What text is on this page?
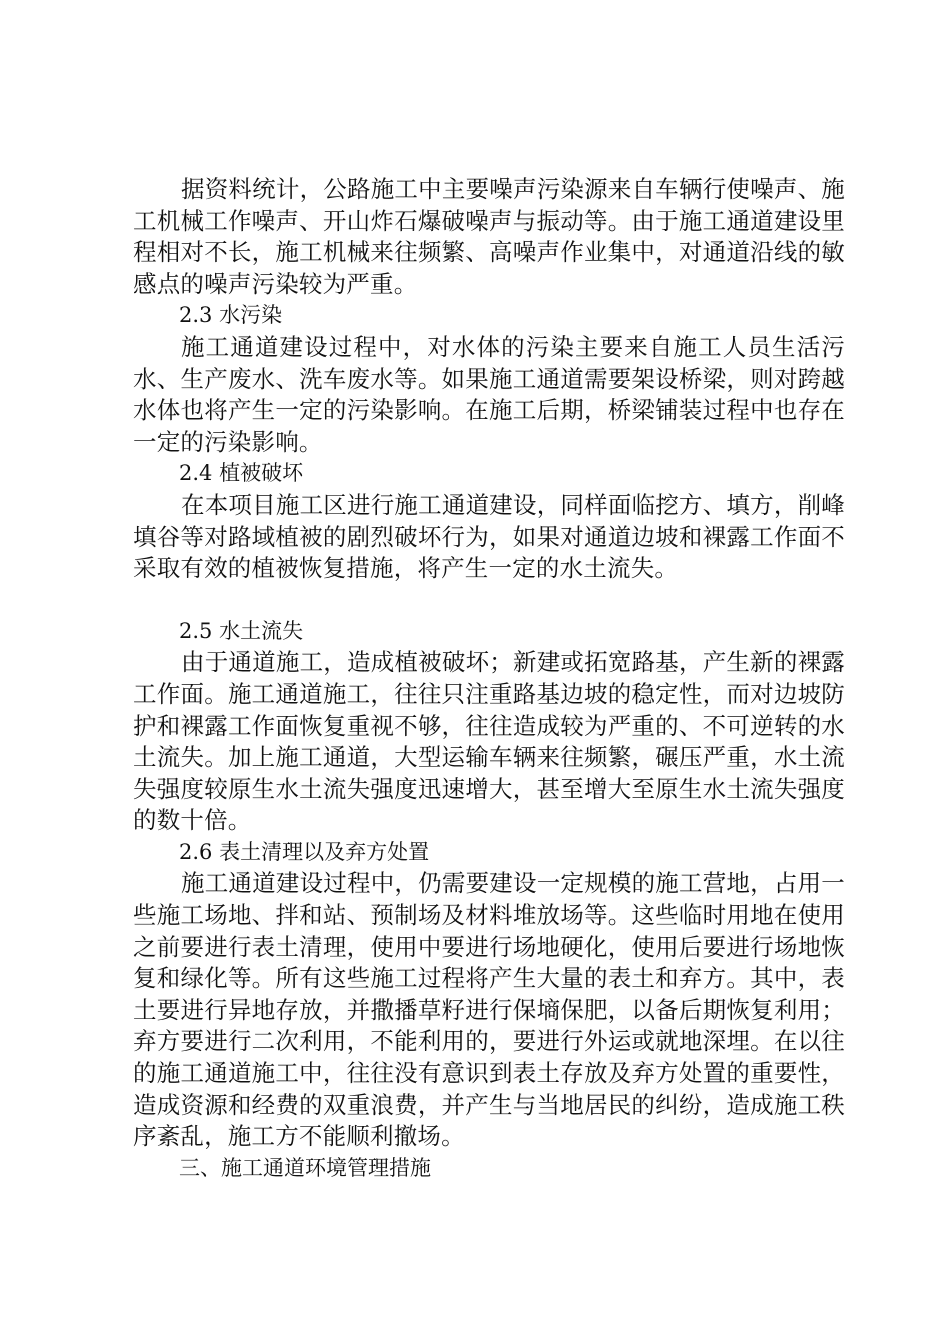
据资料统计，公路施工中主要噪声污染源来自车辆行使噪声、施工机械工作噪声、开山炸石爆破噪声与振动等。由于施工通道建设里程相对不长，施工机械来往频繁、高噪声作业集中，对通道沿线的敏感点的噪声污染较为严重。

2.3 水污染

施工通道建设过程中，对水体的污染主要来自施工人员生活污水、生产废水、洗车废水等。如果施工通道需要架设桥梁，则对跨越水体也将产生一定的污染影响。在施工后期，桥梁铺装过程中也存在一定的污染影响。

2.4 植被破坏

在本项目施工区进行施工通道建设，同样面临挖方、填方，削峰填谷等对路域植被的剧烈破坏行为，如果对通道边坡和裸露工作面不采取有效的植被恢复措施，将产生一定的水土流失。

2.5 水土流失

由于通道施工，造成植被破坏；新建或拓宽路基，产生新的裸露工作面。施工通道施工，往往只注重路基边坡的稳定性，而对边坡防护和裸露工作面恢复重视不够，往往造成较为严重的、不可逆转的水土流失。加上施工通道，大型运输车辆来往频繁，碾压严重，水土流失强度较原生水土流失强度迅速增大，甚至增大至原生水土流失强度的数十倍。

2.6 表土清理以及弃方处置

施工通道建设过程中，仍需要建设一定规模的施工营地，占用一些施工场地、拌和站、预制场及材料堆放场等。这些临时用地在使用之前要进行表土清理，使用中要进行场地硬化，使用后要进行场地恢复和绿化等。所有这些施工过程将产生大量的表土和弃方。其中，表土要进行异地存放，并撒播草籽进行保墒保肥，以备后期恢复利用；弃方要进行二次利用，不能利用的，要进行外运或就地深埋。在以往的施工通道施工中，往往没有意识到表土存放及弃方处置的重要性，造成资源和经费的双重浪费，并产生与当地居民的纠纷，造成施工秩序紊乱，施工方不能顺利撤场。

三、施工通道环境管理措施
